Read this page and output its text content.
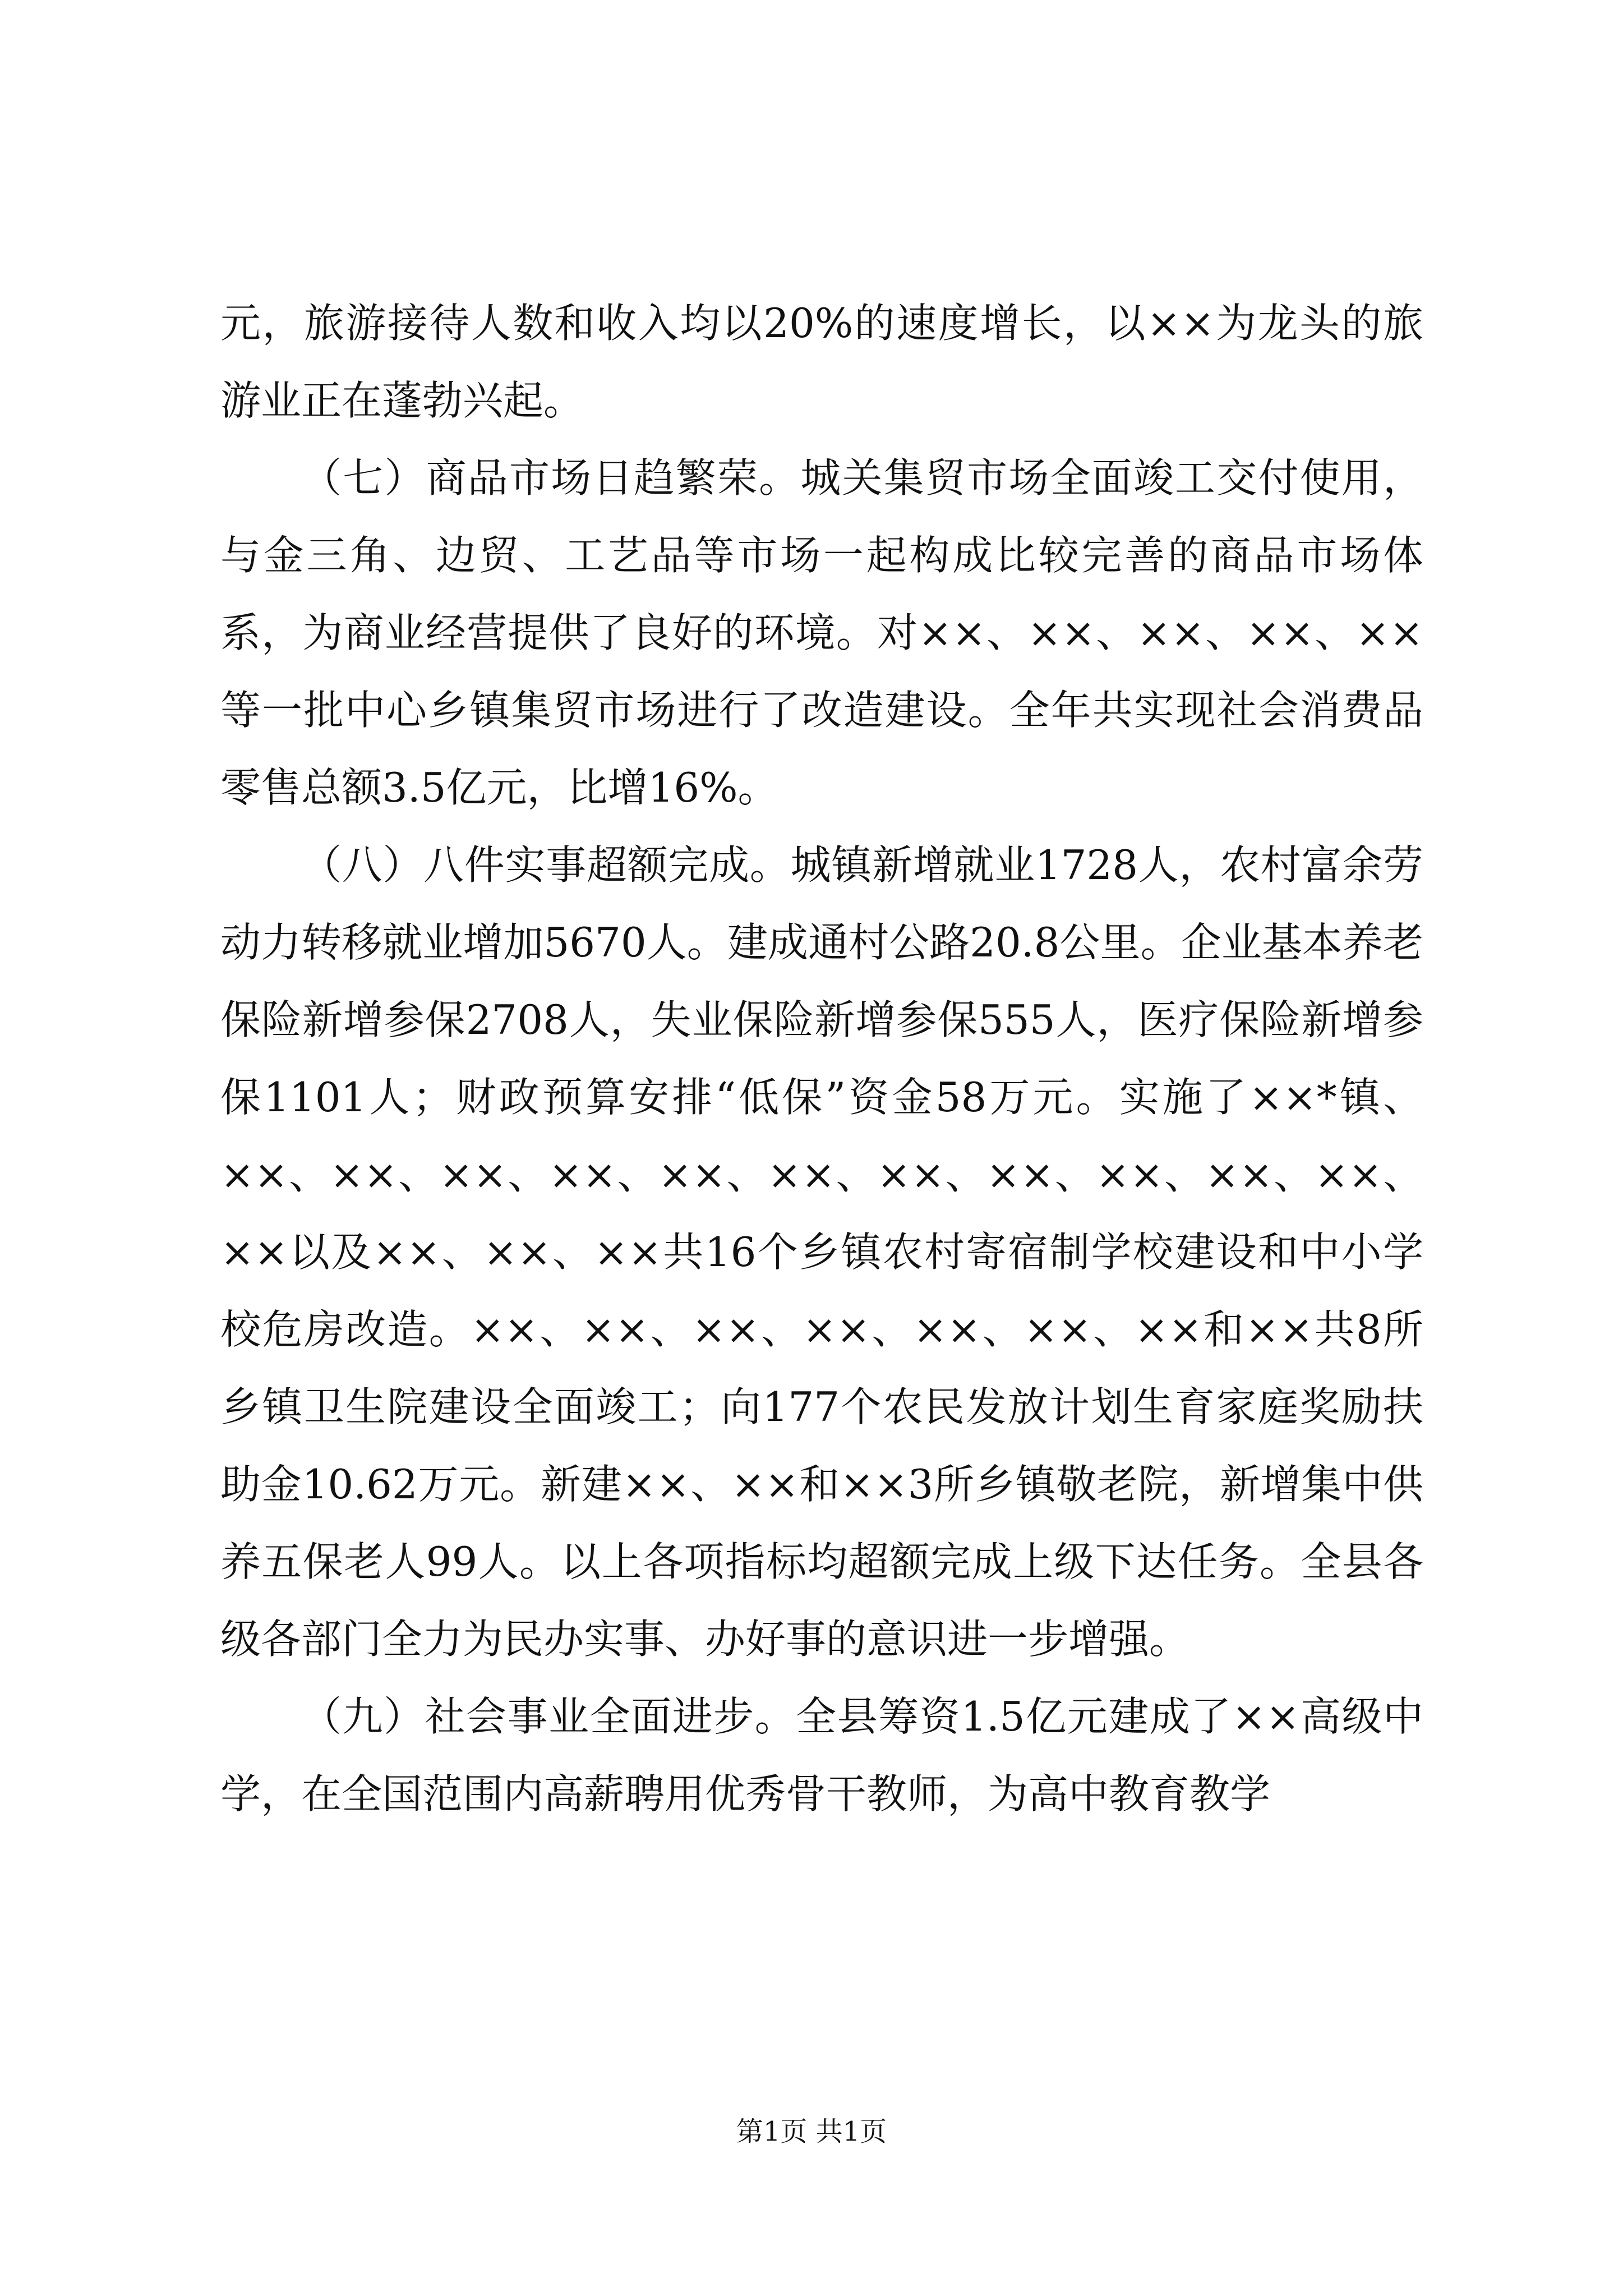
元，旅游接待人数和收入均以20%的速度增长，以××为龙头的旅游业正在蓬勃兴起。

（七）商品市场日趋繁荣。城关集贸市场全面竣工交付使用，与金三角、边贸、工艺品等市场一起构成比较完善的商品市场体系，为商业经营提供了良好的环境。对××、××、××、××、××等一批中心乡镇集贸市场进行了改造建设。全年共实现社会消费品零售总额3.5亿元，比增16%。

（八）八件实事超额完成。城镇新增就业1728人，农村富余劳动力转移就业增加5670人。建成通村公路20.8公里。企业基本养老保险新增参保2708人，失业保险新增参保555人，医疗保险新增参保1101人；财政预算安排“低保”资金58万元。实施了××*镇、××、××、××、××、××、××、××、××、××、××、××、××以及××、××、××共16个乡镇农村寄宿制学校建设和中小学校危房改造。××、××、××、××、××、××、××和××共8所乡镇卫生院建设全面竣工；向177个农民发放计划生育家庭奖励扶助金10.62万元。新建××、××和××3所乡镇敬老院，新增集中供养五保老人99人。以上各项指标均超额完成上级下达任务。全县各级各部门全力为民办实事、办好事的意识进一步增强。

（九）社会事业全面进步。全县筹资1.5亿元建成了××高级中学，在全国范围内高薪聘用优秀骨干教师，为高中教育教学

第1页 共1页
